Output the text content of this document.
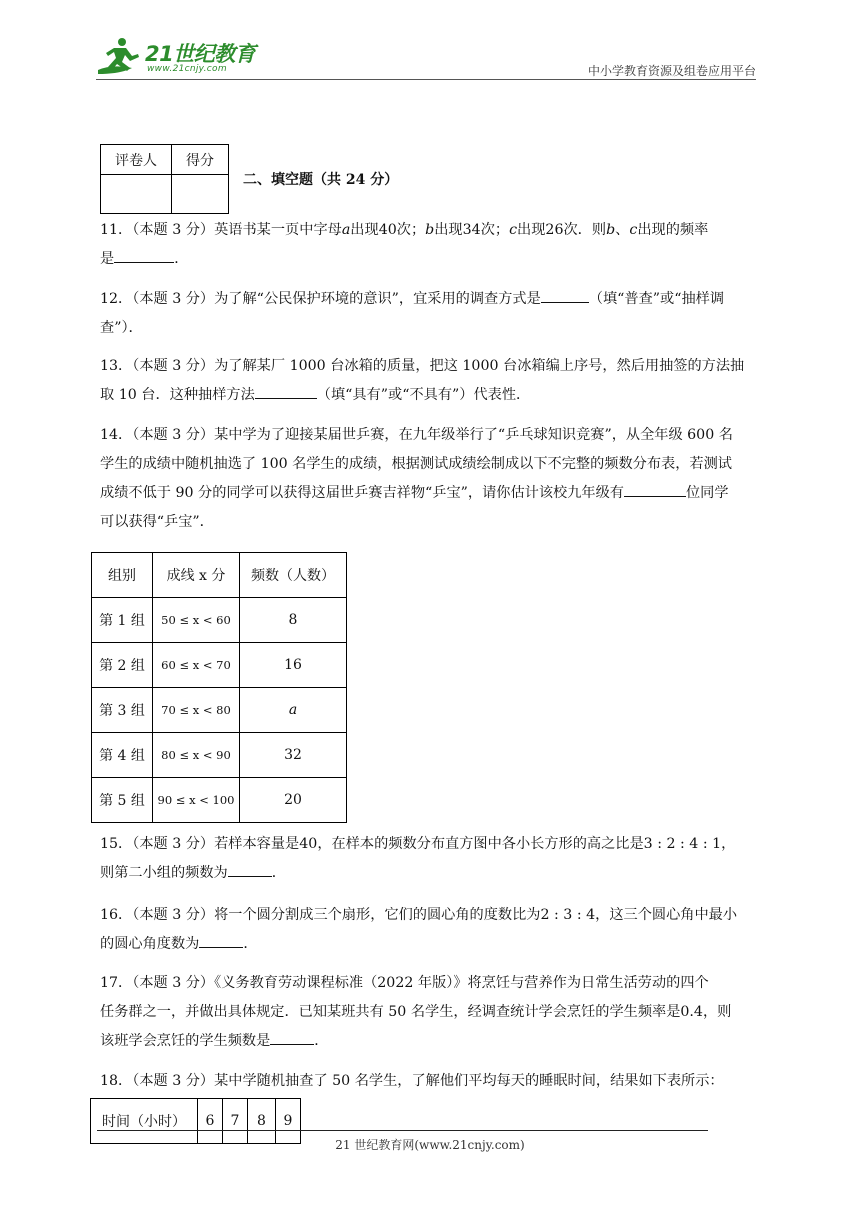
21世纪教育
www.21cnjy.com	中小学教育资源及组卷应用平台
评卷人	得分

二、填空题（共 24 分）
11．（本题 3 分）英语书某一页中字母a出现40次；b出现34次；c出现26次．则b、c出现的频率
是	．
12．（本题 3 分）为了解“公民保护环境的意识”，宜采用的调查方式是	（填“普查”或“抽样调
查”）．
13．（本题 3 分）为了解某厂 1000 台冰箱的质量，把这 1000 台冰箱编上序号，然后用抽签的方法抽
取 10 台．这种抽样方法	（填“具有”或“不具有”）代表性．
14．（本题 3 分）某中学为了迎接某届世乒赛，在九年级举行了“乒乓球知识竞赛”，从全年级 600 名
学生的成绩中随机抽选了 100 名学生的成绩，根据测试成绩绘制成以下不完整的频数分布表，若测试
成绩不低于 90 分的同学可以获得这届世乒赛吉祥物“乒宝”，请你估计该校九年级有	位同学
可以获得“乒宝”．
组别	成线 x 分	频数（人数）
第 1 组	50 ≤ x < 60	8
第 2 组	60 ≤ x < 70	16
第 3 组	70 ≤ x < 80	a
第 4 组	80 ≤ x < 90	32
第 5 组	90 ≤ x < 100	20
15．（本题 3 分）若样本容量是40，在样本的频数分布直方图中各小长方形的高之比是3 : 2 : 4 : 1，
则第二小组的频数为	．
16．（本题 3 分）将一个圆分割成三个扇形，它们的圆心角的度数比为2 : 3 : 4，这三个圆心角中最小
的圆心角度数为	．
17．（本题 3 分）《义务教育劳动课程标准（2022 年版）》将烹饪与营养作为日常生活劳动的四个
任务群之一，并做出具体规定．已知某班共有 50 名学生，经调查统计学会烹饪的学生频率是0.4，则
该班学会烹饪的学生频数是	．
18．（本题 3 分）某中学随机抽查了 50 名学生，了解他们平均每天的睡眠时间，结果如下表所示：
时间（小时）	6	7	8	9
21 世纪教育网(www.21cnjy.com)
